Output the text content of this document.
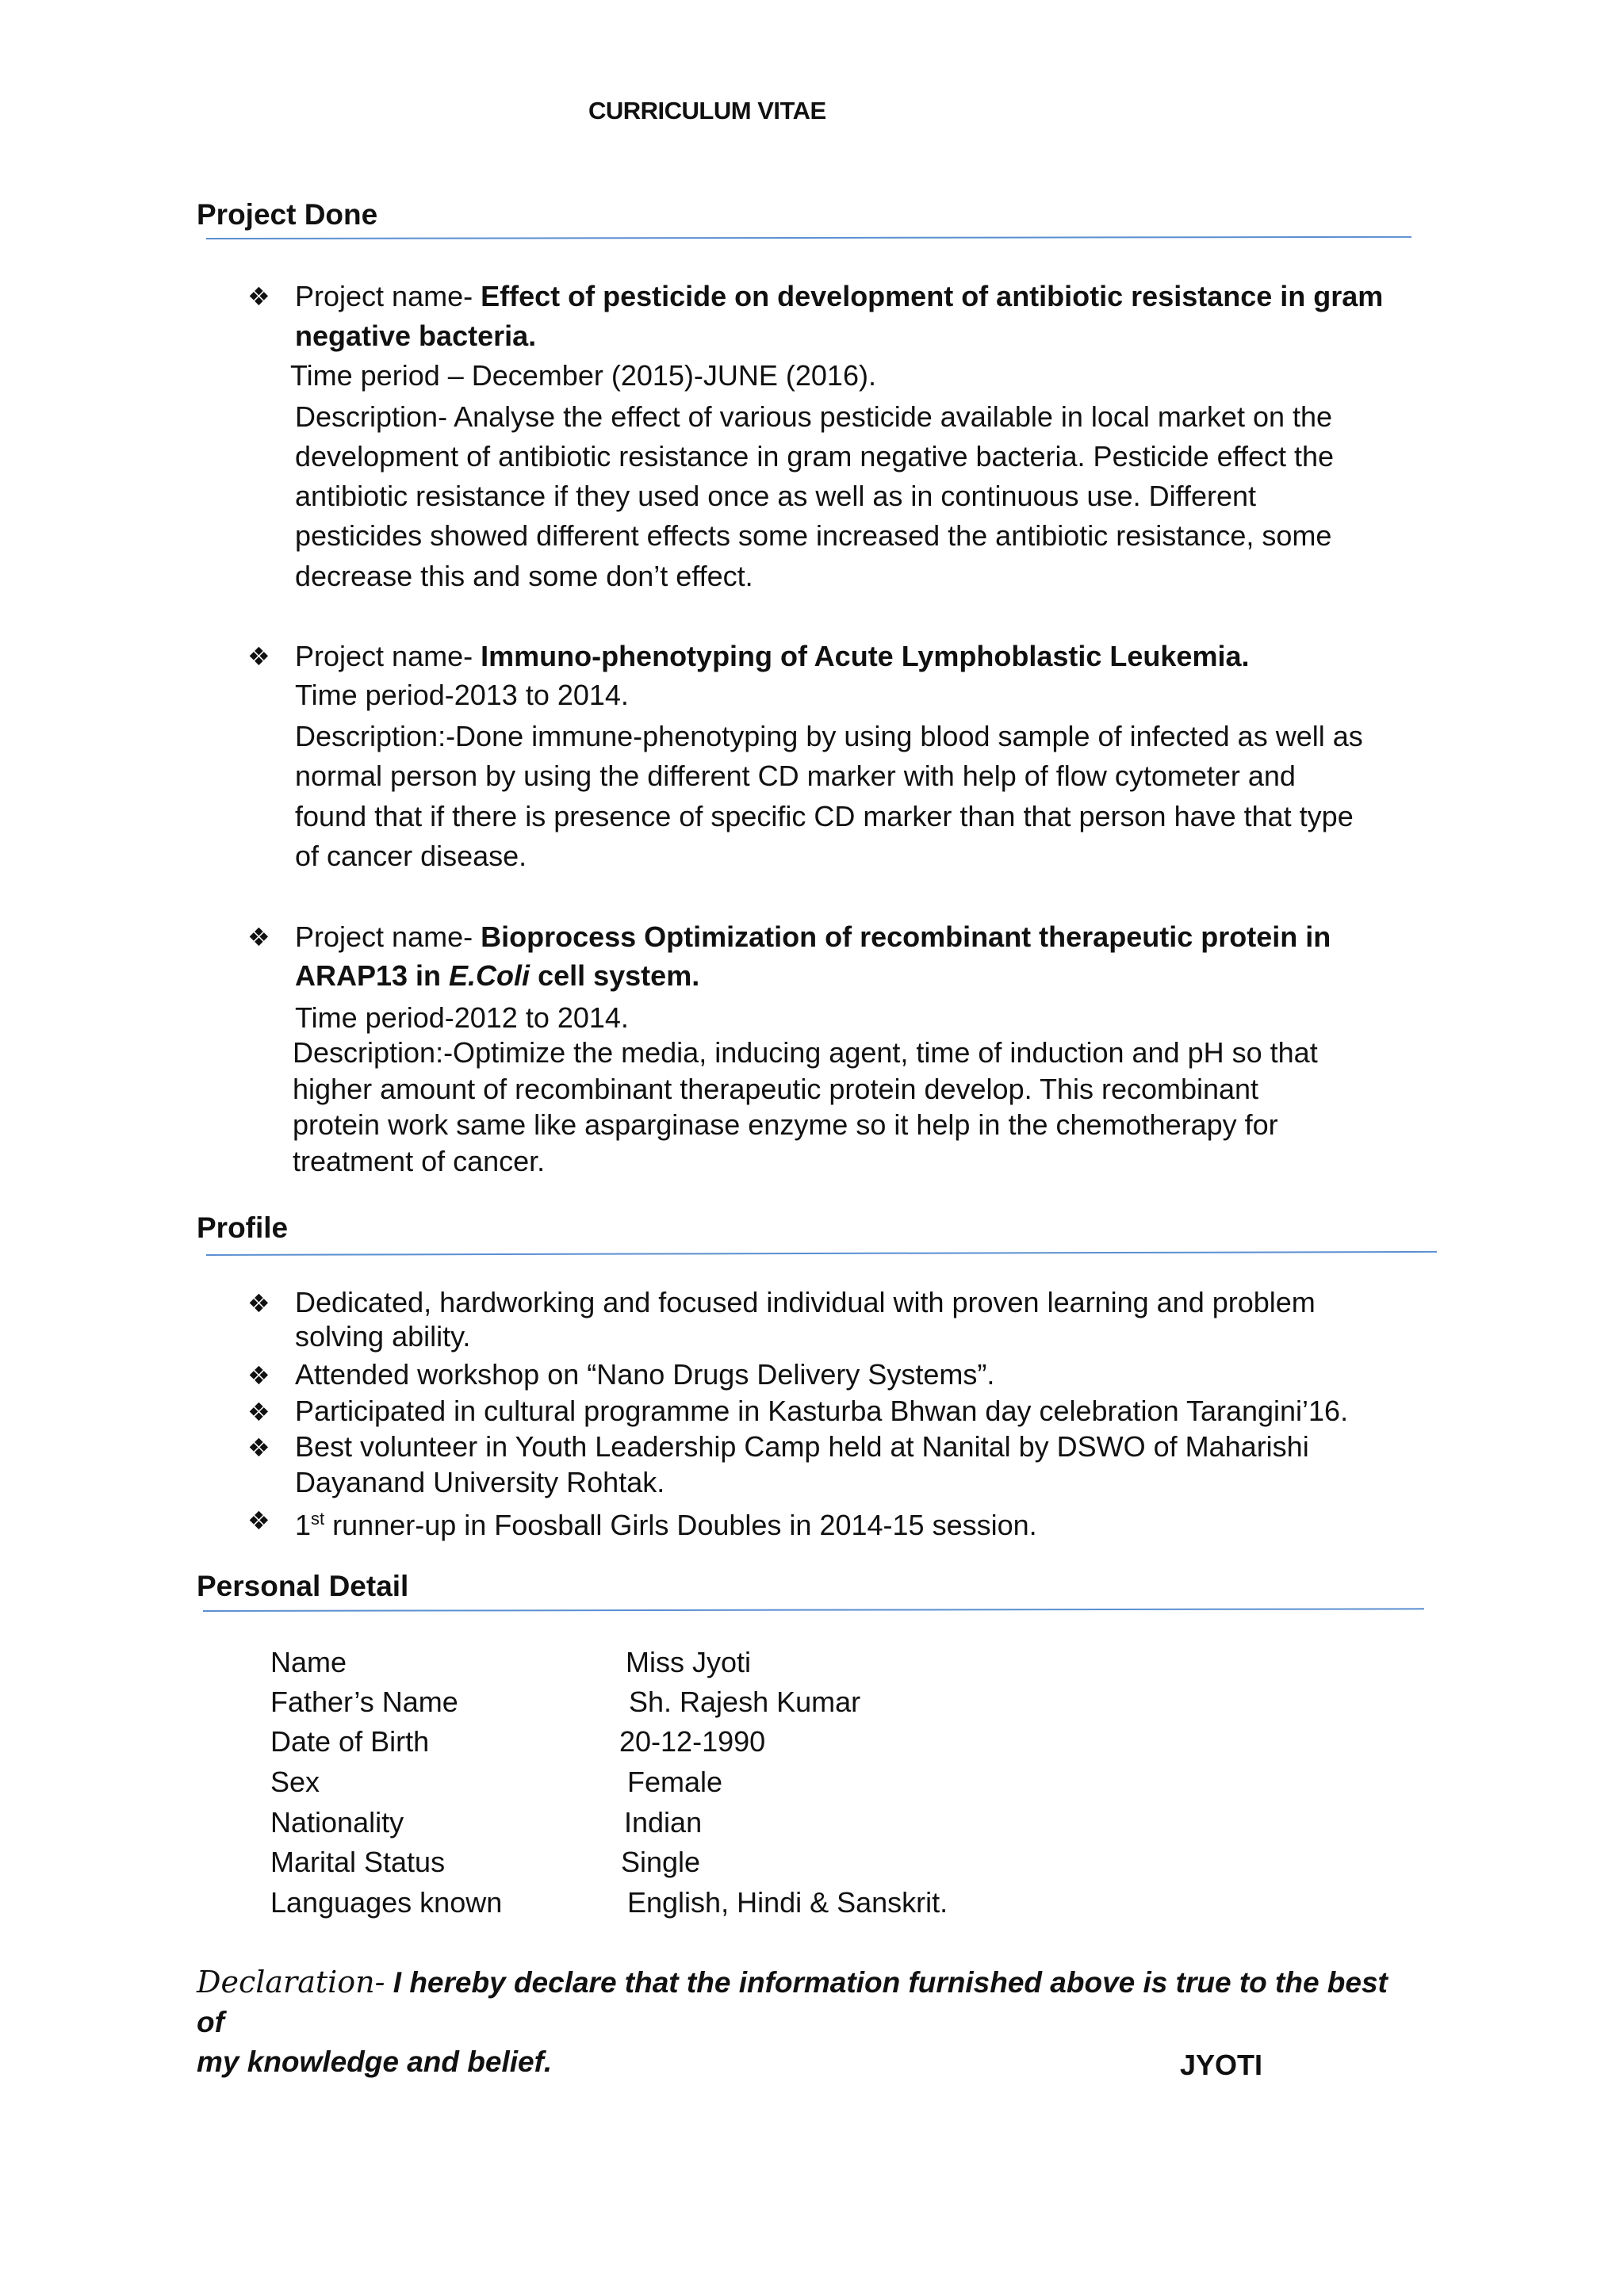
CURRICULUM VITAE
Project Done
❖ Project name- Effect of pesticide on development of antibiotic resistance in gram
negative bacteria.
Time period – December (2015)-JUNE (2016).
Description- Analyse the effect of various pesticide available in local market on the
development of antibiotic resistance in gram negative bacteria. Pesticide effect the
antibiotic resistance if they used once as well as in continuous use. Different
pesticides showed different effects some increased the antibiotic resistance, some
decrease this and some don’t effect.
❖ Project name- Immuno-phenotyping of Acute Lymphoblastic Leukemia.
Time period-2013 to 2014.
Description:-Done immune-phenotyping by using blood sample of infected as well as
normal person by using the different CD marker with help of flow cytometer and
found that if there is presence of specific CD marker than that person have that type
of cancer disease.
❖ Project name- Bioprocess Optimization of recombinant therapeutic protein in
ARAP13 in E.Coli cell system.
Time period-2012 to 2014.
Description:-Optimize the media, inducing agent, time of induction and pH so that
higher amount of recombinant therapeutic protein develop. This recombinant
protein work same like asparginase enzyme so it help in the chemotherapy for
treatment of cancer.
Profile
❖ Dedicated, hardworking and focused individual with proven learning and problem
solving ability.
❖ Attended workshop on “Nano Drugs Delivery Systems”.
❖ Participated in cultural programme in Kasturba Bhwan day celebration Tarangini’16.
❖ Best volunteer in Youth Leadership Camp held at Nanital by DSWO of Maharishi
Dayanand University Rohtak.
❖ 1st runner-up in Foosball Girls Doubles in 2014-15 session.
Personal Detail
Name	Miss Jyoti
Father’s Name	Sh. Rajesh Kumar
Date of Birth	20-12-1990
Sex	Female
Nationality	Indian
Marital Status	Single
Languages known	English, Hindi & Sanskrit.
Declaration- I hereby declare that the information furnished above is true to the best of
my knowledge and belief.	JYOTI
